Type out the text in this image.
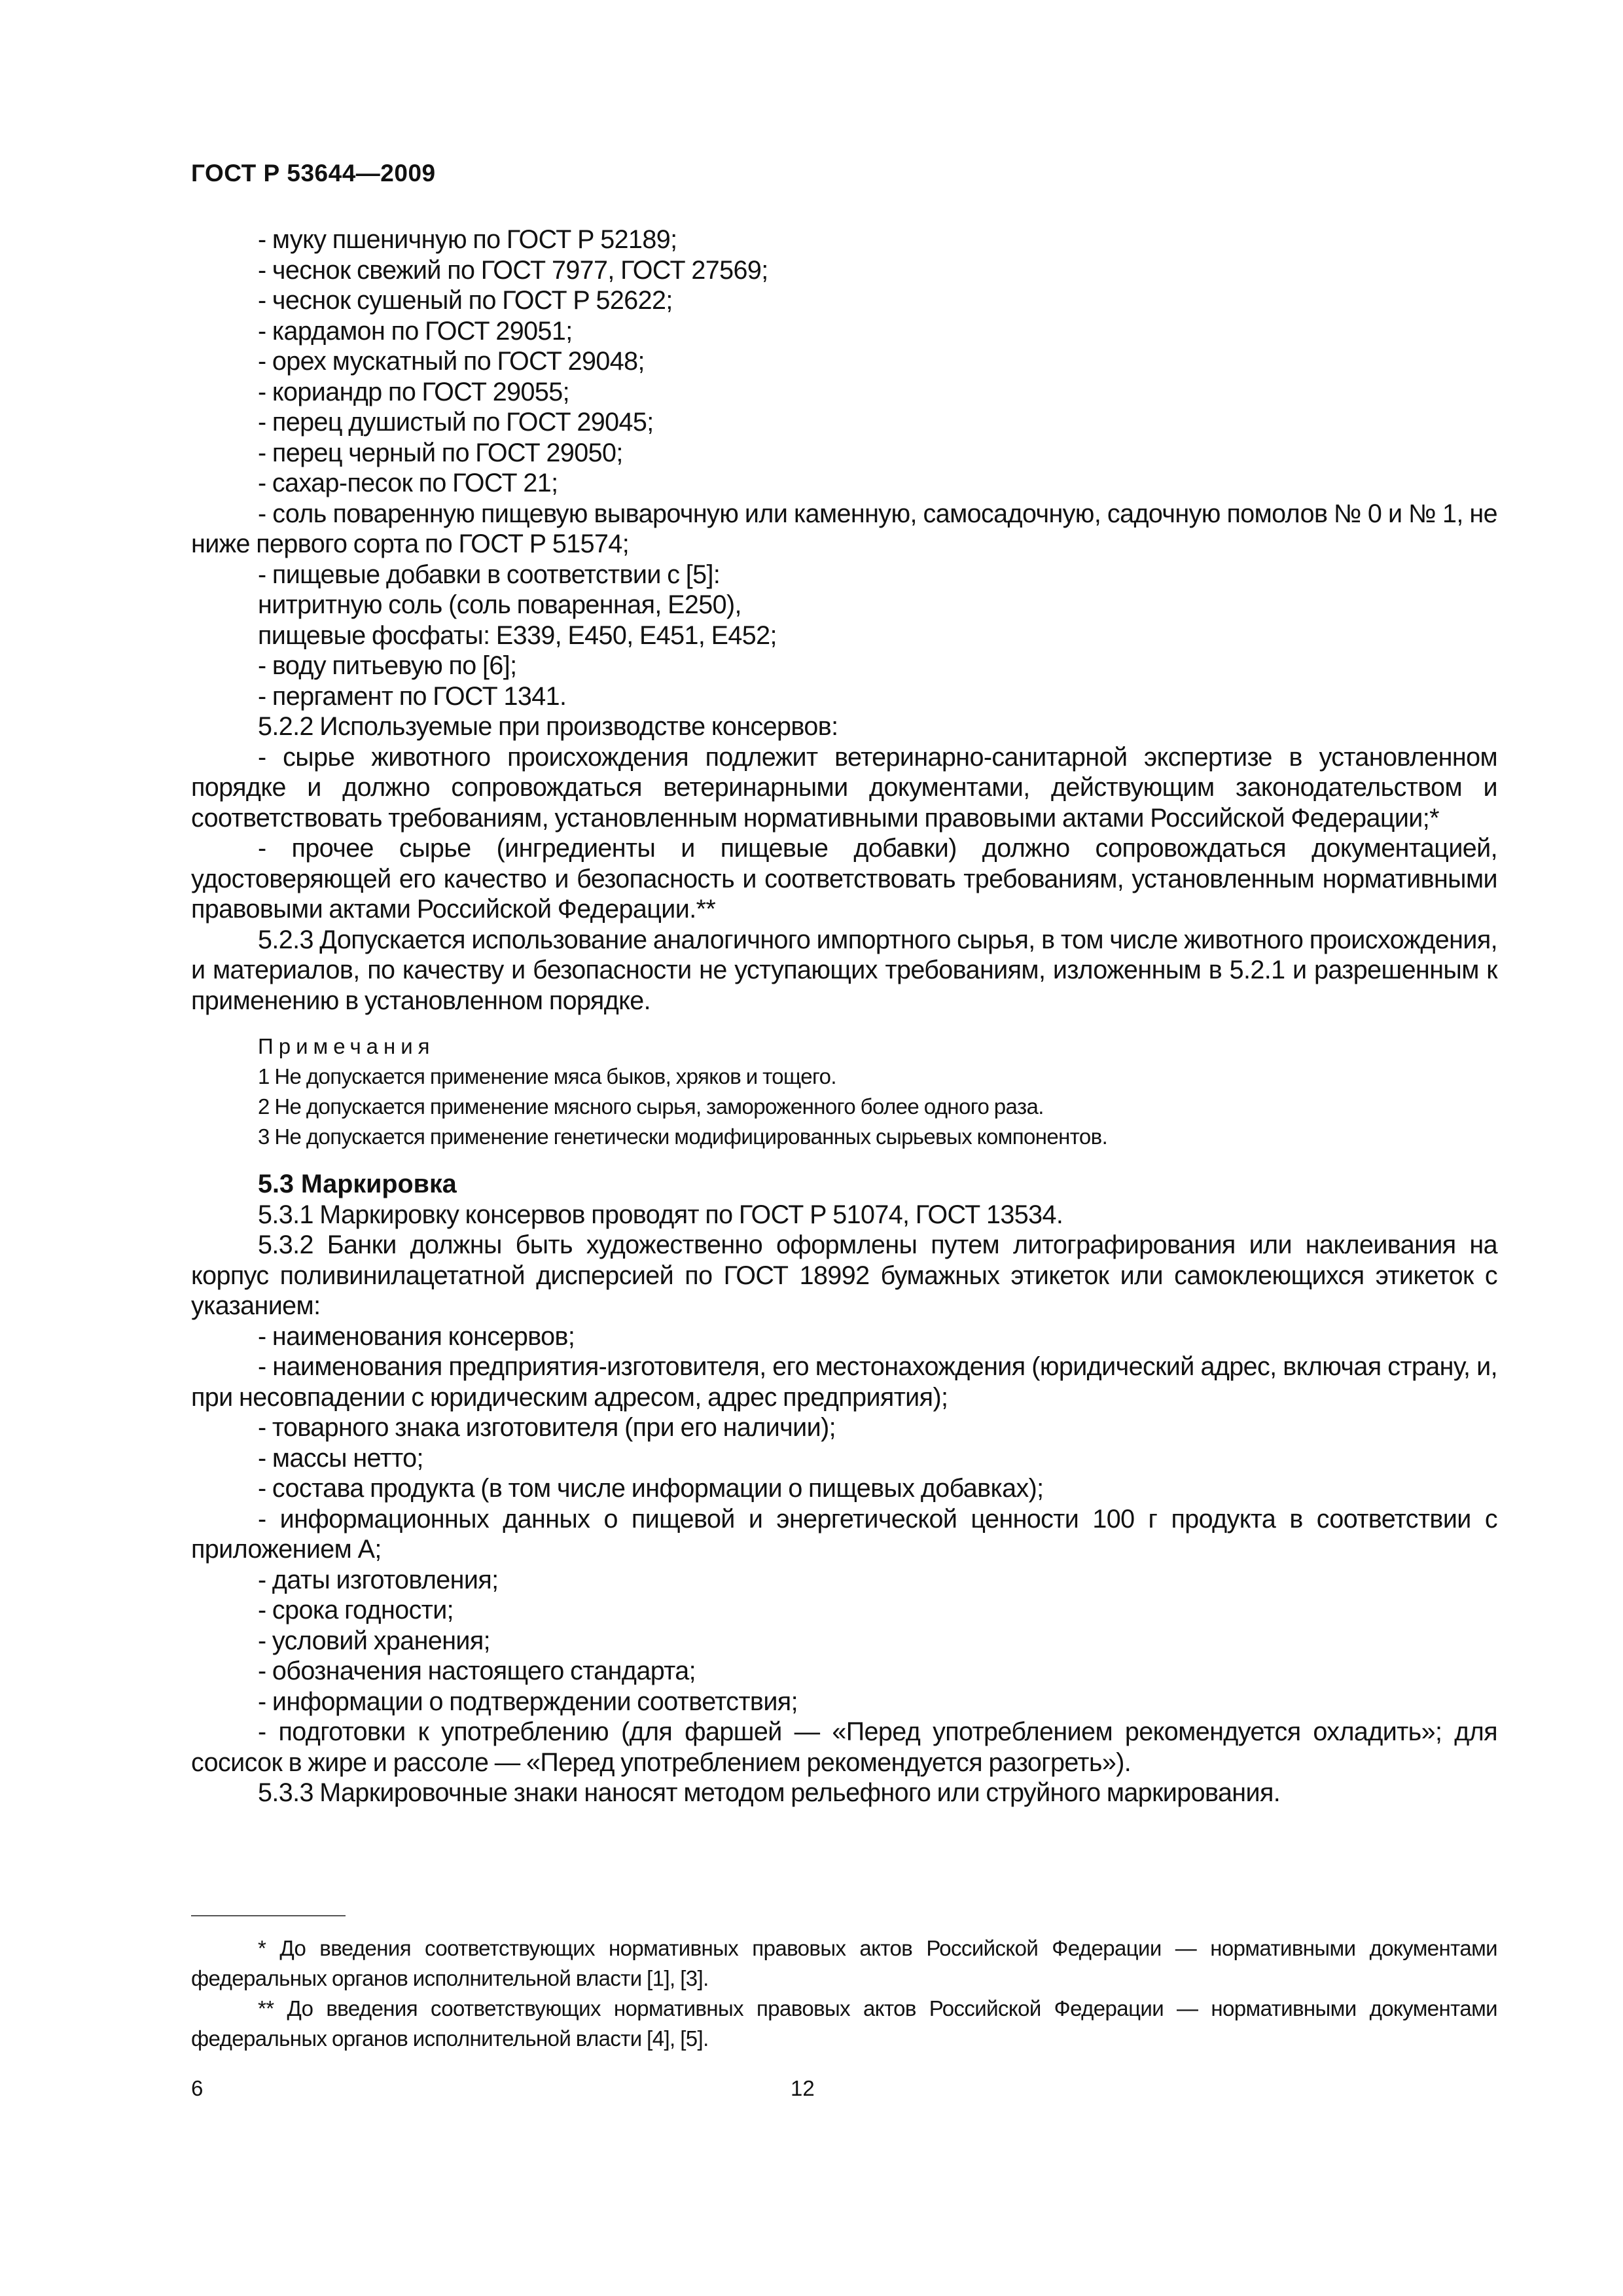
ГОСТ Р 53644—2009

- муку пшеничную по ГОСТ Р 52189;

- чеснок свежий по ГОСТ 7977, ГОСТ 27569;

- чеснок сушеный по ГОСТ Р 52622;

- кардамон по ГОСТ 29051;

- орех мускатный по ГОСТ 29048;

- кориандр по ГОСТ 29055;

- перец душистый по ГОСТ 29045;

- перец черный по ГОСТ 29050;

- сахар-песок по ГОСТ 21;

- соль поваренную пищевую выварочную или каменную, самосадочную, садочную помолов № 0 и № 1, не ниже первого сорта по ГОСТ Р 51574;

- пищевые добавки в соответствии с [5]:

нитритную соль (соль поваренная, Е250),

пищевые фосфаты: Е339, Е450, Е451, Е452;

- воду питьевую по [6];

- пергамент по ГОСТ 1341.

5.2.2 Используемые при производстве консервов:

- сырье животного происхождения подлежит ветеринарно-санитарной экспертизе в установленном порядке и должно сопровождаться ветеринарными документами, действующим законодательством и соответствовать требованиям, установленным нормативными правовыми актами Российской Федерации;*

- прочее сырье (ингредиенты и пищевые добавки) должно сопровождаться документацией, удостоверяющей его качество и безопасность и соответствовать требованиям, установленным нормативными правовыми актами Российской Федерации.**

5.2.3 Допускается использование аналогичного импортного сырья, в том числе животного происхождения, и материалов, по качеству и безопасности не уступающих требованиям, изложенным в 5.2.1 и разрешенным к применению в установленном порядке.

Примечания

1 Не допускается применение мяса быков, хряков и тощего.

2 Не допускается применение мясного сырья, замороженного более одного раза.

3 Не допускается применение генетически модифицированных сырьевых компонентов.

5.3 Маркировка

5.3.1 Маркировку консервов проводят по ГОСТ Р 51074, ГОСТ 13534.

5.3.2 Банки должны быть художественно оформлены путем литографирования или наклеивания на корпус поливинилацетатной дисперсией по ГОСТ 18992 бумажных этикеток или самоклеющихся этикеток с указанием:

- наименования консервов;

- наименования предприятия-изготовителя, его местонахождения (юридический адрес, включая страну, и, при несовпадении с юридическим адресом, адрес предприятия);

- товарного знака изготовителя (при его наличии);

- массы нетто;

- состава продукта (в том числе информации о пищевых добавках);

- информационных данных о пищевой и энергетической ценности 100 г продукта в соответствии с приложением А;

- даты изготовления;

- срока годности;

- условий хранения;

- обозначения настоящего стандарта;

- информации о подтверждении соответствия;

- подготовки к употреблению (для фаршей — «Перед употреблением рекомендуется охладить»; для сосисок в жире и рассоле — «Перед употреблением рекомендуется разогреть»).

5.3.3 Маркировочные знаки наносят методом рельефного или струйного маркирования.

* До введения соответствующих нормативных правовых актов Российской Федерации — нормативными документами федеральных органов исполнительной власти [1], [3].

** До введения соответствующих нормативных правовых актов Российской Федерации — нормативными документами федеральных органов исполнительной власти [4], [5].

6	12
